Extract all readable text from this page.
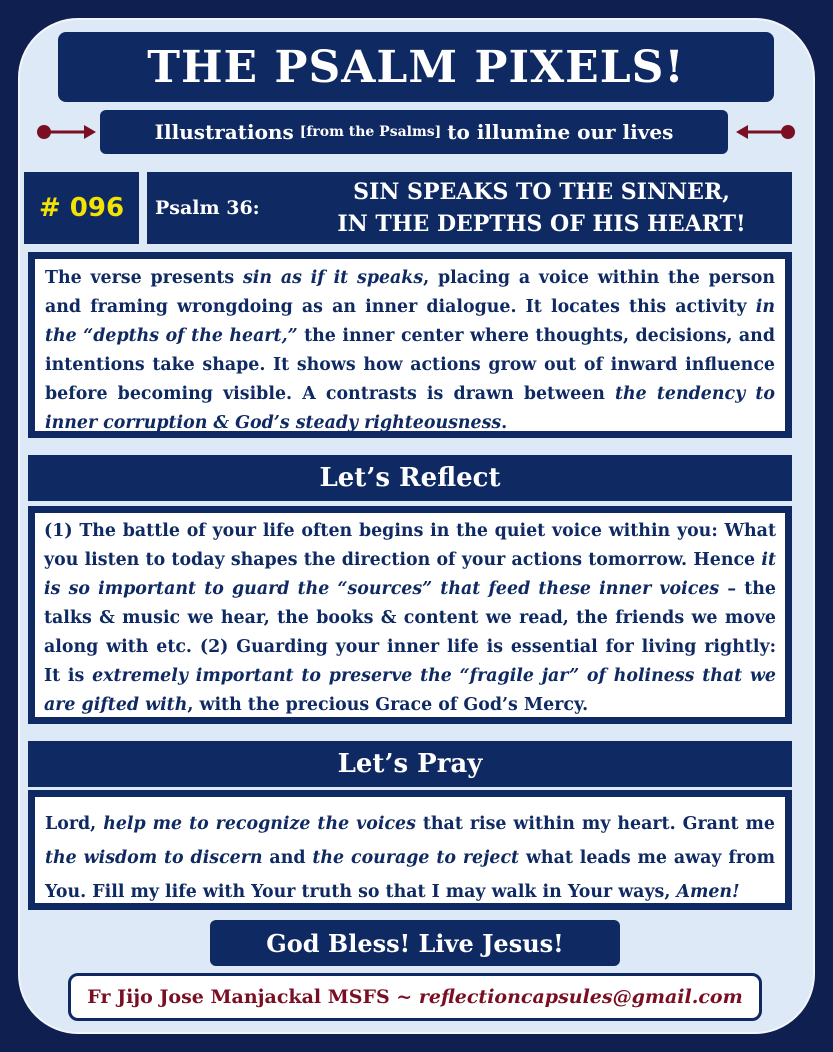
THE PSALM PIXELS!
Illustrations [from the Psalms] to illumine our lives
# 096	Psalm 36:
SIN SPEAKS TO THE SINNER,
IN THE DEPTHS OF HIS HEART!
The verse presents sin as if it speaks, placing a voice within the person and framing wrongdoing as an inner dialogue. It locates this activity in the “depths of the heart,” the inner center where thoughts, decisions, and intentions take shape. It shows how actions grow out of inward influence before becoming visible. A contrasts is drawn between the tendency to inner corruption & God’s steady righteousness.
Let’s Reflect
(1) The battle of your life often begins in the quiet voice within you: What you listen to today shapes the direction of your actions tomorrow. Hence it is so important to guard the “sources” that feed these inner voices – the talks & music we hear, the books & content we read, the friends we move along with etc. (2) Guarding your inner life is essential for living rightly: It is extremely important to preserve the “fragile jar” of holiness that we are gifted with, with the precious Grace of God’s Mercy.
Let’s Pray
Lord, help me to recognize the voices that rise within my heart. Grant me the wisdom to discern and the courage to reject what leads me away from You. Fill my life with Your truth so that I may walk in Your ways, Amen!
God Bless! Live Jesus!
Fr Jijo Jose Manjackal MSFS ~
reflectioncapsules@gmail.com
